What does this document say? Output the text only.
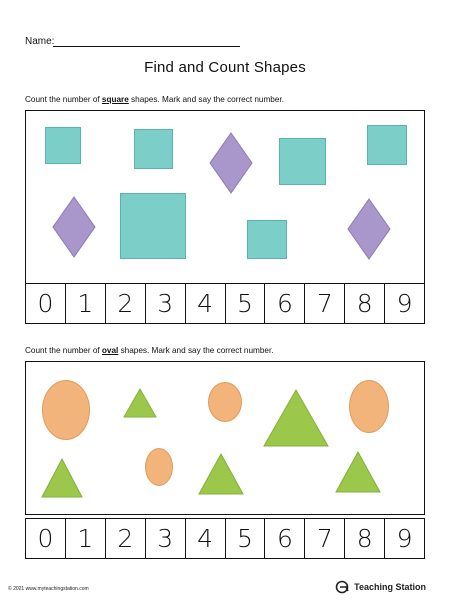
Name:
Find and Count Shapes
Count the number of square shapes. Mark and say the correct number.
0 1 2 3 4 5 6 7 8 9
Count the number of oval shapes. Mark and say the correct number.
0 1 2 3 4 5 6 7 8 9
© 2021 www.myteachingstation.com	Teaching Station
